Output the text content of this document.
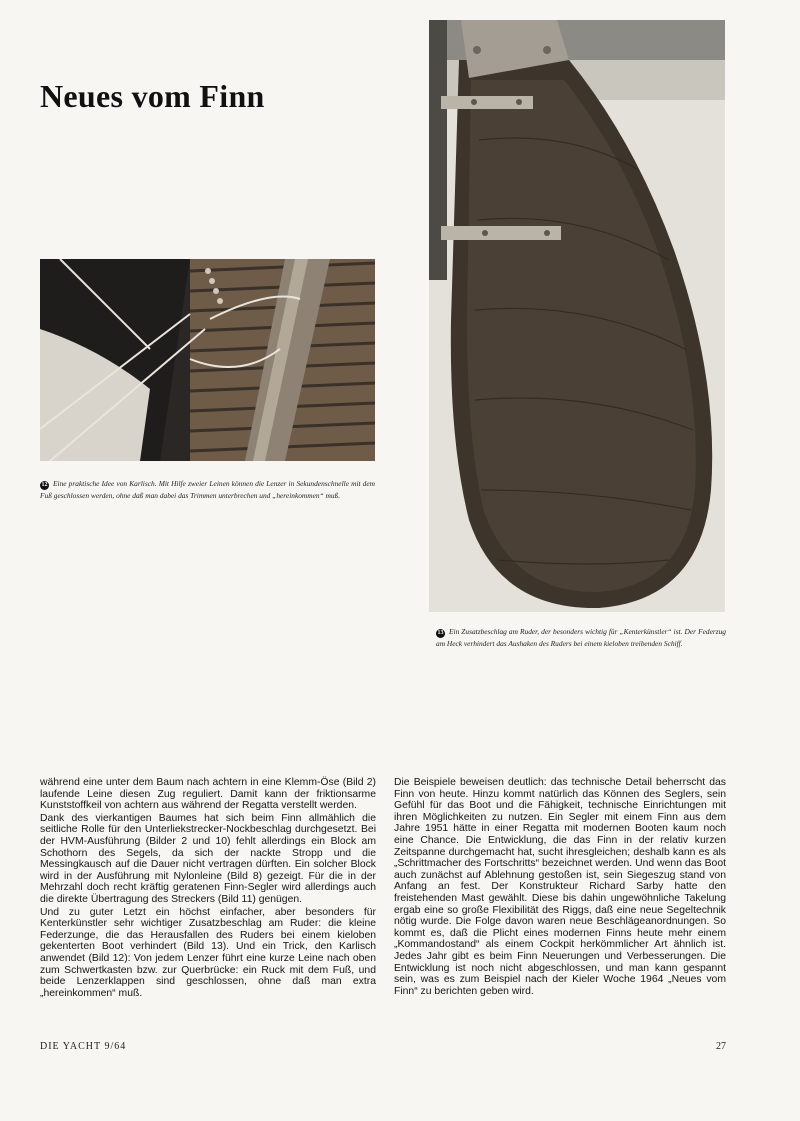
Neues vom Finn

12 Eine praktische Idee von Karlisch. Mit Hilfe zweier Leinen können die Lenzer in Sekundenschnelle mit dem Fuß geschlossen werden, ohne daß man dabei das Trimmen unterbrechen und „hereinkommen“ muß.

13 Ein Zusatzbeschlag am Ruder, der besonders wichtig für „Kenterkünstler“ ist. Der Federzug am Heck verhindert das Aushaken des Ruders bei einem kieloben treibenden Schiff.

während eine unter dem Baum nach achtern in eine Klemm-Öse (Bild 2) laufende Leine diesen Zug reguliert. Damit kann der friktionsarme Kunststoffkeil von achtern aus während der Regatta verstellt werden.

Dank des vierkantigen Baumes hat sich beim Finn allmählich die seitliche Rolle für den Unterliekstrecker-Nockbeschlag durchgesetzt. Bei der HVM-Ausführung (Bilder 2 und 10) fehlt allerdings ein Block am Schothorn des Segels, da sich der nackte Stropp und die Messingkausch auf die Dauer nicht vertragen dürften. Ein solcher Block wird in der Ausführung mit Nylonleine (Bild 8) gezeigt. Für die in der Mehrzahl doch recht kräftig geratenen Finn-Segler wird allerdings auch die direkte Übertragung des Streckers (Bild 11) genügen.

Und zu guter Letzt ein höchst einfacher, aber besonders für Kenterkünstler sehr wichtiger Zusatzbeschlag am Ruder: die kleine Federzunge, die das Herausfallen des Ruders bei einem kieloben gekenterten Boot verhindert (Bild 13). Und ein Trick, den Karlisch anwendet (Bild 12): Von jedem Lenzer führt eine kurze Leine nach oben zum Schwertkasten bzw. zur Querbrücke: ein Ruck mit dem Fuß, und beide Lenzerklappen sind geschlossen, ohne daß man extra „hereinkommen“ muß.

Die Beispiele beweisen deutlich: das technische Detail beherrscht das Finn von heute. Hinzu kommt natürlich das Können des Seglers, sein Gefühl für das Boot und die Fähigkeit, technische Einrichtungen mit ihren Möglichkeiten zu nutzen. Ein Segler mit einem Finn aus dem Jahre 1951 hätte in einer Regatta mit modernen Booten kaum noch eine Chance. Die Entwicklung, die das Finn in der relativ kurzen Zeitspanne durchgemacht hat, sucht ihresgleichen; deshalb kann es als „Schrittmacher des Fortschritts“ bezeichnet werden. Und wenn das Boot auch zunächst auf Ablehnung gestoßen ist, sein Siegeszug stand von Anfang an fest. Der Konstrukteur Richard Sarby hatte den freistehenden Mast gewählt. Diese bis dahin ungewöhnliche Takelung ergab eine so große Flexibilität des Riggs, daß eine neue Segeltechnik nötig wurde. Die Folge davon waren neue Beschlägeanordnungen. So kommt es, daß die Plicht eines modernen Finns heute mehr einem „Kommandostand“ als einem Cockpit herkömmlicher Art ähnlich ist. Jedes Jahr gibt es beim Finn Neuerungen und Verbesserungen. Die Entwicklung ist noch nicht abgeschlossen, und man kann gespannt sein, was es zum Beispiel nach der Kieler Woche 1964 „Neues vom Finn“ zu berichten geben wird.

DIE YACHT 9/64	27
